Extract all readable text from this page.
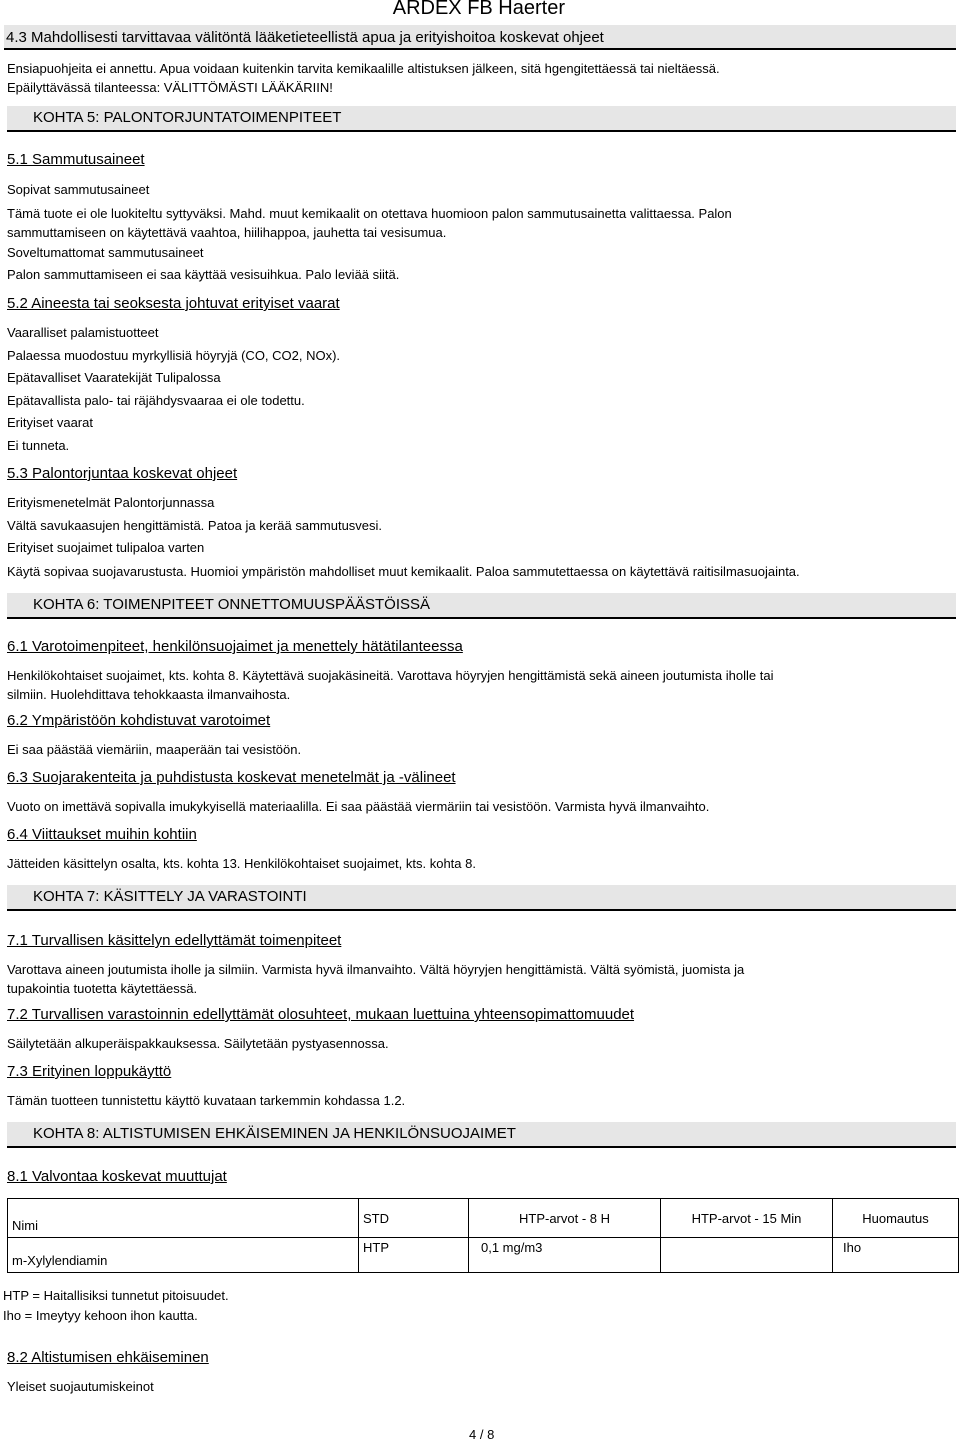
ARDEX FB Haerter
4.3 Mahdollisesti tarvittavaa välitöntä lääketieteellistä apua ja erityishoitoa koskevat ohjeet
Ensiapuohjeita ei annettu. Apua voidaan kuitenkin tarvita kemikaalille altistuksen jälkeen, sitä hgengitettäessä tai nieltäessä.
Epäilyttävässä tilanteessa: VÄLITTÖMÄSTI LÄÄKÄRIIN!
KOHTA 5: PALONTORJUNTATOIMENPITEET
5.1 Sammutusaineet
Sopivat sammutusaineet
Tämä tuote ei ole luokiteltu syttyväksi. Mahd. muut kemikaalit on otettava huomioon palon sammutusainetta valittaessa. Palon
sammuttamiseen on käytettävä vaahtoa, hiilihappoa, jauhetta tai vesisumua.
Soveltumattomat sammutusaineet
Palon sammuttamiseen ei saa käyttää vesisuihkua. Palo leviää siitä.
5.2 Aineesta tai seoksesta johtuvat erityiset vaarat
Vaaralliset palamistuotteet
Palaessa muodostuu myrkyllisiä höyryjä (CO, CO2, NOx).
Epätavalliset Vaaratekijät Tulipalossa
Epätavallista palo- tai räjähdysvaaraa ei ole todettu.
Erityiset vaarat
Ei tunneta.
5.3 Palontorjuntaa koskevat ohjeet
Erityismenetelmät Palontorjunnassa
Vältä savukaasujen hengittämistä. Patoa ja kerää sammutusvesi.
Erityiset suojaimet tulipaloa varten
Käytä sopivaa suojavarustusta. Huomioi ympäristön mahdolliset muut kemikaalit. Paloa sammutettaessa on käytettävä raitisilmasuojainta.
KOHTA 6: TOIMENPITEET ONNETTOMUUSPÄÄSTÖISSÄ
6.1 Varotoimenpiteet, henkilönsuojaimet ja menettely hätätilanteessa
Henkilökohtaiset suojaimet, kts. kohta 8. Käytettävä suojakäsineitä. Varottava höyryjen hengittämistä sekä aineen joutumista iholle tai
silmiin. Huolehdittava tehokkaasta ilmanvaihosta.
6.2 Ympäristöön kohdistuvat varotoimet
Ei saa päästää viemäriin, maaperään tai vesistöön.
6.3 Suojarakenteita ja puhdistusta koskevat menetelmät ja -välineet
Vuoto on imettävä sopivalla imukykyisellä materiaalilla. Ei saa päästää viermäriin tai vesistöön. Varmista hyvä ilmanvaihto.
6.4 Viittaukset muihin kohtiin
Jätteiden käsittelyn osalta, kts. kohta 13. Henkilökohtaiset suojaimet, kts. kohta 8.
KOHTA 7: KÄSITTELY JA VARASTOINTI
7.1 Turvallisen käsittelyn edellyttämät toimenpiteet
Varottava aineen joutumista iholle ja silmiin. Varmista hyvä ilmanvaihto. Vältä höyryjen hengittämistä. Vältä syömistä, juomista ja
tupakointia tuotetta käytettäessä.
7.2 Turvallisen varastoinnin edellyttämät olosuhteet, mukaan luettuina yhteensopimattomuudet
Säilytetään alkuperäispakkauksessa. Säilytetään pystyasennossa.
7.3 Erityinen loppukäyttö
Tämän tuotteen tunnistettu käyttö kuvataan tarkemmin kohdassa 1.2.
KOHTA 8: ALTISTUMISEN EHKÄISEMINEN JA HENKILÖNSUOJAIMET
8.1 Valvontaa koskevat muuttujat
Nimi	STD	HTP-arvot - 8 H	HTP-arvot - 15 Min	Huomautus
m-Xylylendiamin	HTP	0,1 mg/m3		Iho
HTP = Haitallisiksi tunnetut pitoisuudet.
Iho = Imeytyy kehoon ihon kautta.
8.2 Altistumisen ehkäiseminen
Yleiset suojautumiskeinot
4 / 8
